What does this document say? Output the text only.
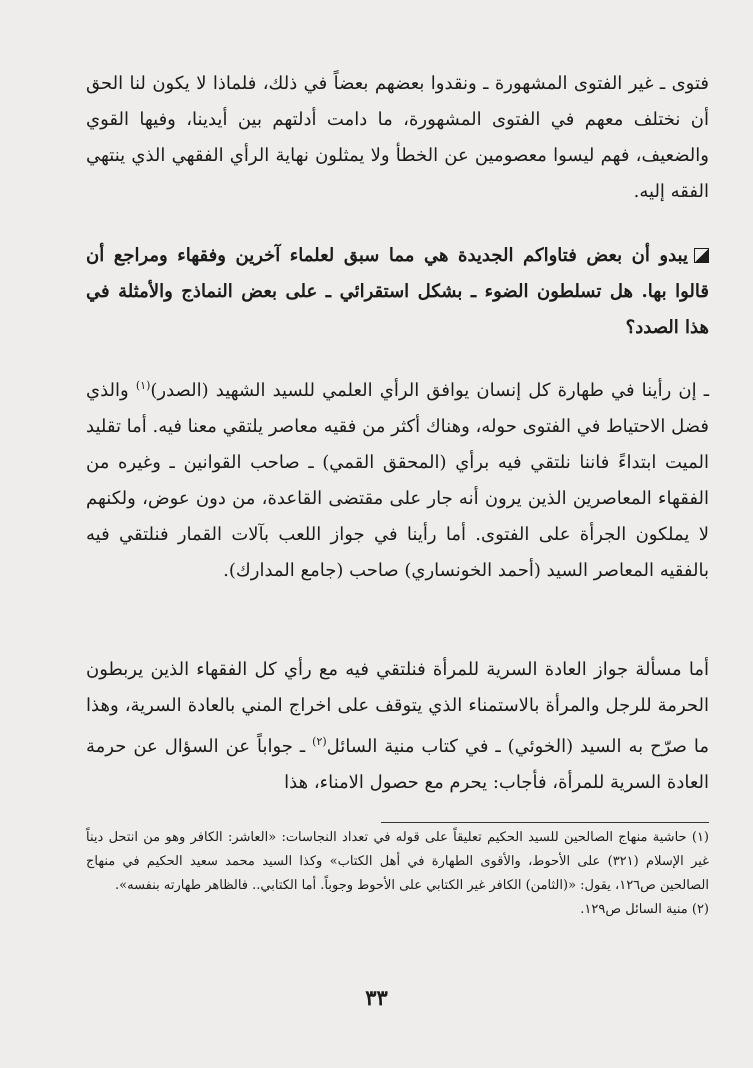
فتوى ـ غير الفتوى المشهورة ـ ونقدوا بعضهم بعضاً في ذلك، فلماذا لا يكون لنا الحق أن نختلف معهم في الفتوى المشهورة، ما دامت أدلتهم بين أيدينا، وفيها القوي والضعيف، فهم ليسوا معصومين عن الخطأ ولا يمثلون نهاية الرأي الفقهي الذي ينتهي الفقه إليه.

يبدو أن بعض فتاواكم الجديدة هي مما سبق لعلماء آخرين وفقهاء ومراجع أن قالوا بها. هل تسلطون الضوء ـ بشكل استقرائي ـ على بعض النماذج والأمثلة في هذا الصدد؟

ـ إن رأينا في طهارة كل إنسان يوافق الرأي العلمي للسيد الشهيد (الصدر)$^{(١)}$ والذي فضل الاحتياط في الفتوى حوله، وهناك أكثر من فقيه معاصر يلتقي معنا فيه. أما تقليد الميت ابتداءً فاننا نلتقي فيه برأي (المحقق القمي) ـ صاحب القوانين ـ وغيره من الفقهاء المعاصرين الذين يرون أنه جار على مقتضى القاعدة، من دون عوض، ولكنهم لا يملكون الجرأة على الفتوى. أما رأينا في جواز اللعب بآلات القمار فنلتقي فيه بالفقيه المعاصر السيد (أحمد الخونساري) صاحب (جامع المدارك).

أما مسألة جواز العادة السرية للمرأة فنلتقي فيه مع رأي كل الفقهاء الذين يربطون الحرمة للرجل والمرأة بالاستمناء الذي يتوقف على اخراج المني بالعادة السرية، وهذا ما صرّح به السيد (الخوئي) ـ في كتاب منية السائل$^{(٢)}$ ـ جواباً عن السؤال عن حرمة العادة السرية للمرأة، فأجاب: يحرم مع حصول الامناء، هذا

(١) حاشية منهاج الصالحين للسيد الحكيم تعليقاً على قوله في تعداد النجاسات: «العاشر: الكافر وهو من انتحل ديناً غير الإسلام (٣٢١) على الأحوط، والأقوى الطهارة في أهل الكتاب» وكذا السيد محمد سعيد الحكيم في منهاج الصالحين ص١٢٦، يقول: «(الثامن) الكافر غير الكتابي على الأحوط وجوباً. أما الكتابي.. فالظاهر طهارته بنفسه».

(٢) منية السائل ص١٢٩.

٣٣
